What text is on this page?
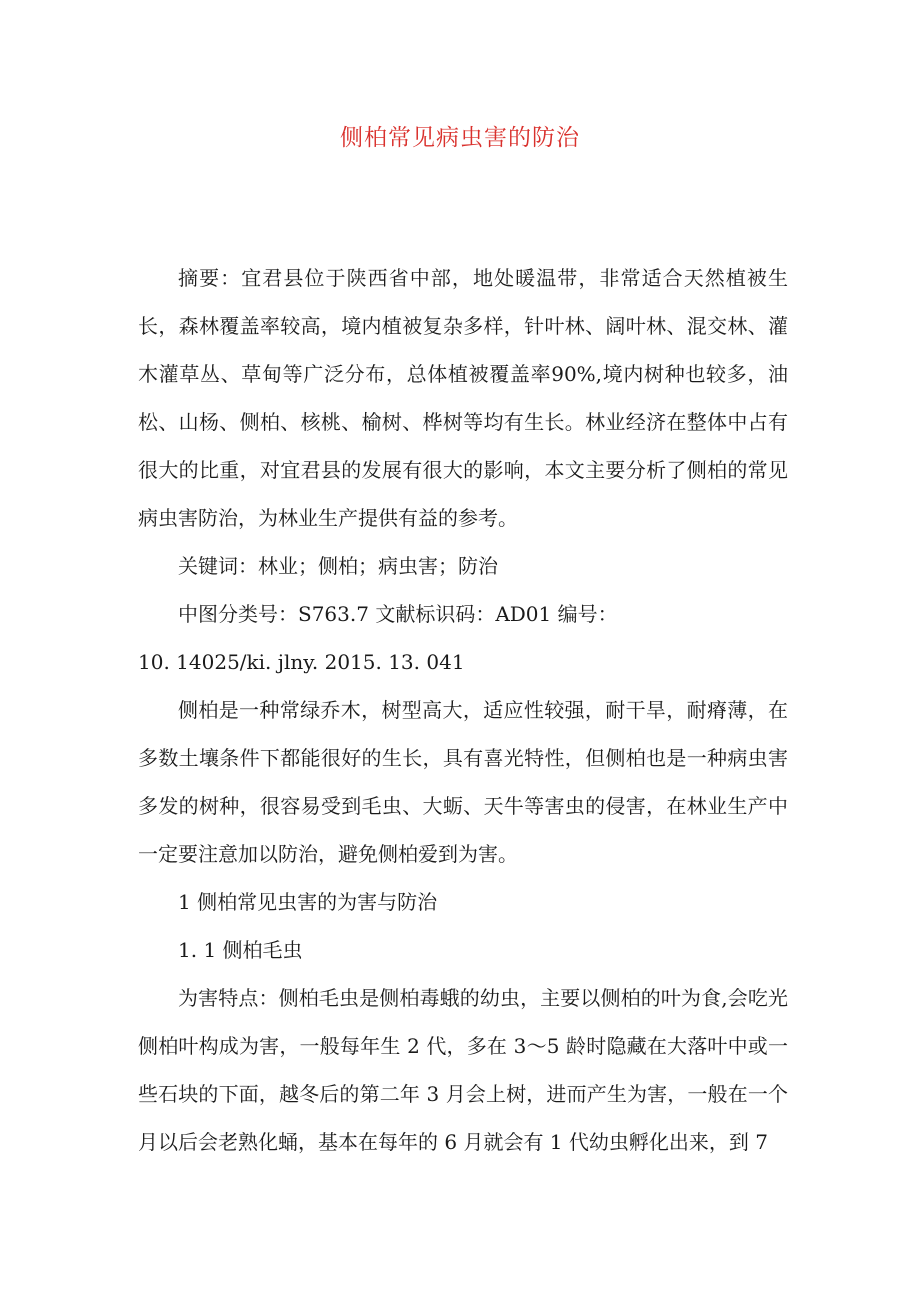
侧柏常见病虫害的防治

摘要：宜君县位于陕西省中部，地处暖温带，非常适合天然植被生长，森林覆盖率较高，境内植被复杂多样，针叶林、阔叶林、混交林、灌木灌草丛、草甸等广泛分布，总体植被覆盖率90%,境内树种也较多，油松、山杨、侧柏、核桃、榆树、桦树等均有生长。林业经济在整体中占有很大的比重，对宜君县的发展有很大的影响，本文主要分析了侧柏的常见病虫害防治，为林业生产提供有益的参考。

关键词：林业；侧柏；病虫害；防治

中图分类号：S763.7 文献标识码：AD01 编号：

10. 14025/ki. jlny. 2015. 13. 041

侧柏是一种常绿乔木，树型高大，适应性较强，耐干旱，耐瘠薄，在多数土壤条件下都能很好的生长，具有喜光特性，但侧柏也是一种病虫害多发的树种，很容易受到毛虫、大蛎、天牛等害虫的侵害，在林业生产中一定要注意加以防治，避免侧柏爱到为害。

1 侧柏常见虫害的为害与防治

1. 1 侧柏毛虫

为害特点：侧柏毛虫是侧柏毒蛾的幼虫，主要以侧柏的叶为食,会吃光侧柏叶构成为害，一般每年生 2 代，多在 3～5 龄时隐藏在大落叶中或一些石块的下面，越冬后的第二年 3 月会上树，进而产生为害，一般在一个月以后会老熟化蛹，基本在每年的 6 月就会有 1 代幼虫孵化出来，到 7
